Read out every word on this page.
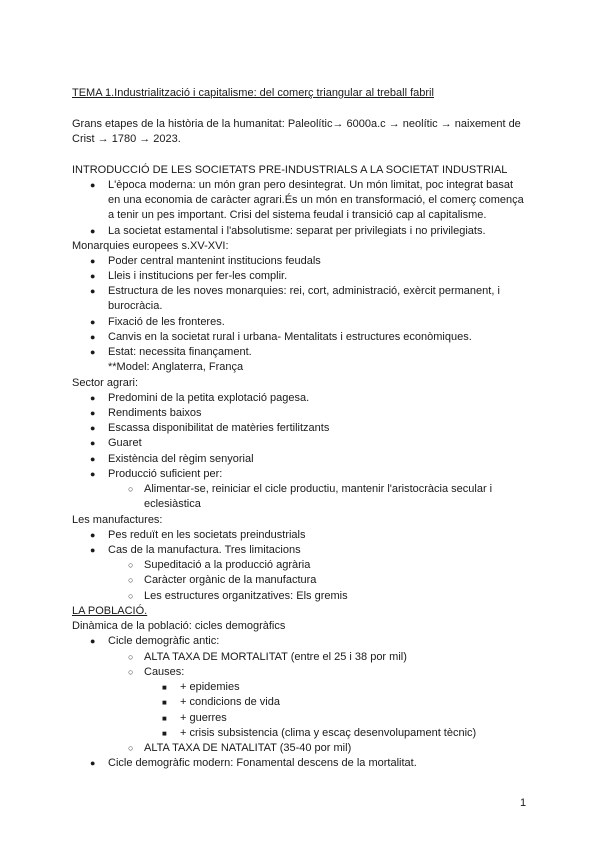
TEMA 1.Industrialització i capitalisme: del comerç triangular al treball fabril
Grans etapes de la història de la humanitat: Paleolític→ 6000a.c → neolític → naixement de
Crist → 1780 → 2023.
INTRODUCCIÓ DE LES SOCIETATS PRE-INDUSTRIALS A LA SOCIETAT INDUSTRIAL
● L'època moderna: un món gran pero desintegrat. Un món limitat, poc integrat basat
en una economia de caràcter agrari.És un món en transformació, el comerç comença
a tenir un pes important. Crisi del sistema feudal i transició cap al capitalisme.
● La societat estamental i l'absolutisme: separat per privilegiats i no privilegiats.
Monarquies europees s.XV-XVI:
● Poder central mantenint institucions feudals
● Lleis i institucions per fer-les complir.
● Estructura de les noves monarquies: rei, cort, administració, exèrcit permanent, i
burocràcia.
● Fixació de les fronteres.
● Canvis en la societat rural i urbana- Mentalitats i estructures econòmiques.
● Estat: necessita finançament.
**Model: Anglaterra, França
Sector agrari:
● Predomini de la petita explotació pagesa.
● Rendiments baixos
● Escassa disponibilitat de matèries fertilitzants
● Guaret
● Existència del règim senyorial
● Producció suficient per:
○ Alimentar-se, reiniciar el cicle productiu, mantenir l'aristocràcia secular i
eclesiàstica
Les manufactures:
● Pes reduït en les societats preindustrials
● Cas de la manufactura. Tres limitacions
○ Supeditació a la producció agrària
○ Caràcter orgànic de la manufactura
○ Les estructures organitzatives: Els gremis
LA POBLACIÓ.
Dinàmica de la població: cicles demogràfics
● Cicle demogràfic antic:
○ ALTA TAXA DE MORTALITAT (entre el 25 i 38 por mil)
○ Causes:
■ + epidemies
■ + condicions de vida
■ + guerres
■ + crisis subsistencia (clima y escaç desenvolupament tècnic)
○ ALTA TAXA DE NATALITAT (35-40 por mil)
● Cicle demogràfic modern: Fonamental descens de la mortalitat.
1
